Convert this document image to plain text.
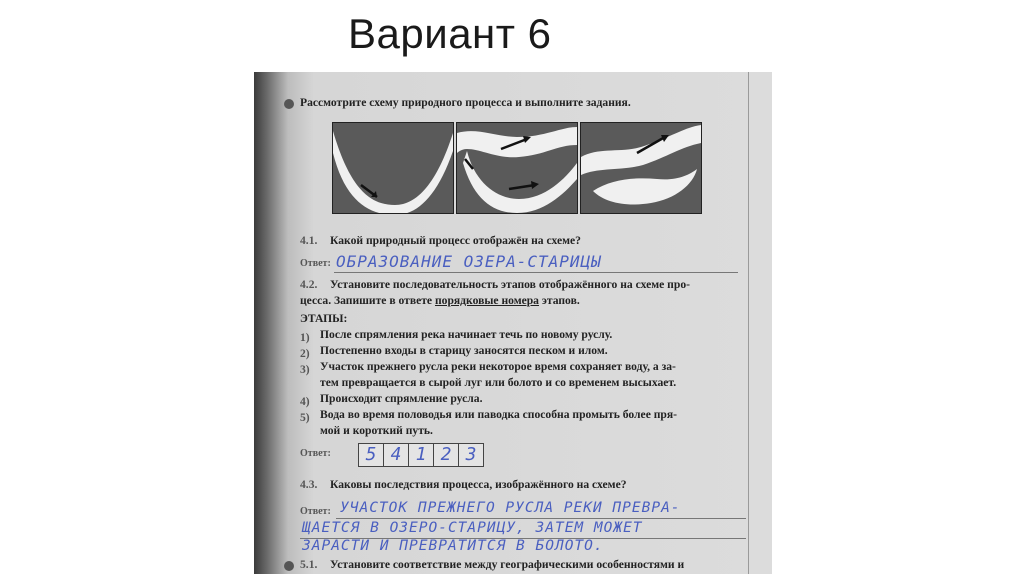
Вариант 6
Рассмотрите схему природного процесса и выполните задания.
4.1. Какой природный процесс отображён на схеме?
Ответ: ОБРАЗОВАНИЕ ОЗЕРА-СТАРИЦЫ
4.2. Установите последовательность этапов отображённого на схеме про-
цесса. Запишите в ответе порядковые номера этапов.
ЭТАПЫ:
1) После спрямления река начинает течь по новому руслу.
2) Постепенно входы в старицу заносятся песком и илом.
3) Участок прежнего русла реки некоторое время сохраняет воду, а за-
тем превращается в сырой луг или болото и со временем высыхает.
4) Происходит спрямление русла.
5) Вода во время половодья или паводка способна промыть более пря-
мой и короткий путь.
Ответ:	5 4 1 2 3
4.3. Каковы последствия процесса, изображённого на схеме?
Ответ: УЧАСТОК ПРЕЖНЕГО РУСЛА РЕКИ ПРЕВРА-
ЩАЕТСЯ В ОЗЕРО-СТАРИЦУ, ЗАТЕМ МОЖЕТ
ЗАРАСТИ И ПРЕВРАТИТСЯ В БОЛОТО.
5.1. Установите соответствие между географическими особенностями и
